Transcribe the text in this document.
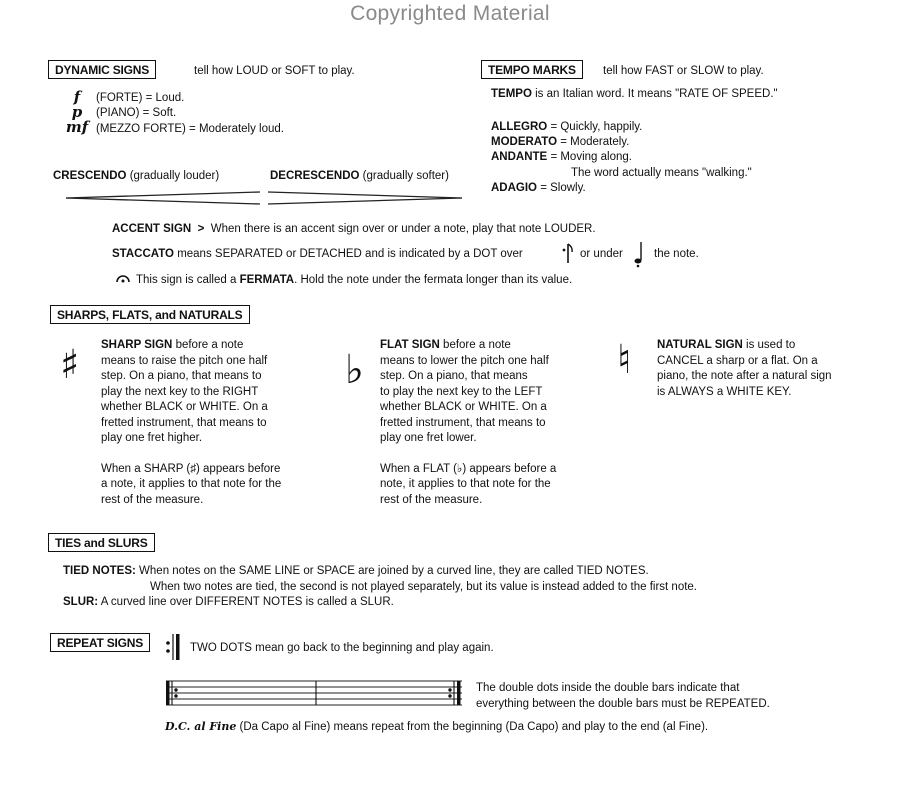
Copyrighted Material
DYNAMIC SIGNS	tell how LOUD or SOFT to play.
f	(FORTE) = Loud.
p	(PIANO) = Soft.
mf (MEZZO FORTE) = Moderately loud.
CRESCENDO (gradually louder)	DECRESCENDO (gradually softer)
TEMPO MARKS	tell how FAST or SLOW to play.
TEMPO is an Italian word. It means "RATE OF SPEED."
ALLEGRO = Quickly, happily.
MODERATO = Moderately.
ANDANTE = Moving along.
The word actually means "walking."
ADAGIO = Slowly.
ACCENT SIGN > When there is an accent sign over or under a note, play that note LOUDER.
STACCATO means SEPARATED or DETACHED and is indicated by a DOT over	or under	the note.
This sign is called a FERMATA. Hold the note under the fermata longer than its value.
SHARPS, FLATS, and NATURALS
♯ SHARP SIGN before a note
means to raise the pitch one half
step. On a piano, that means to
play the next key to the RIGHT
whether BLACK or WHITE. On a
fretted instrument, that means to
play one fret higher.
When a SHARP (♯) appears before
a note, it applies to that note for the
rest of the measure.
♭
FLAT SIGN before a note
means to lower the pitch one half
step. On a piano, that means
to play the next key to the LEFT
whether BLACK or WHITE. On a
fretted instrument, that means to
play one fret lower.
When a FLAT (♭) appears before a
note, it applies to that note for the
rest of the measure.
♮ NATURAL SIGN is used to
CANCEL a sharp or a flat. On a
piano, the note after a natural sign
is ALWAYS a WHITE KEY.
TIES and SLURS
TIED NOTES: When notes on the SAME LINE or SPACE are joined by a curved line, they are called TIED NOTES.
When two notes are tied, the second is not played separately, but its value is instead added to the first note.
SLUR: A curved line over DIFFERENT NOTES is called a SLUR.
REPEAT SIGNS	TWO DOTS mean go back to the beginning and play again.
The double dots inside the double bars indicate that
everything between the double bars must be REPEATED.
D.C. al Fine (Da Capo al Fine) means repeat from the beginning (Da Capo) and play to the end (al Fine).
